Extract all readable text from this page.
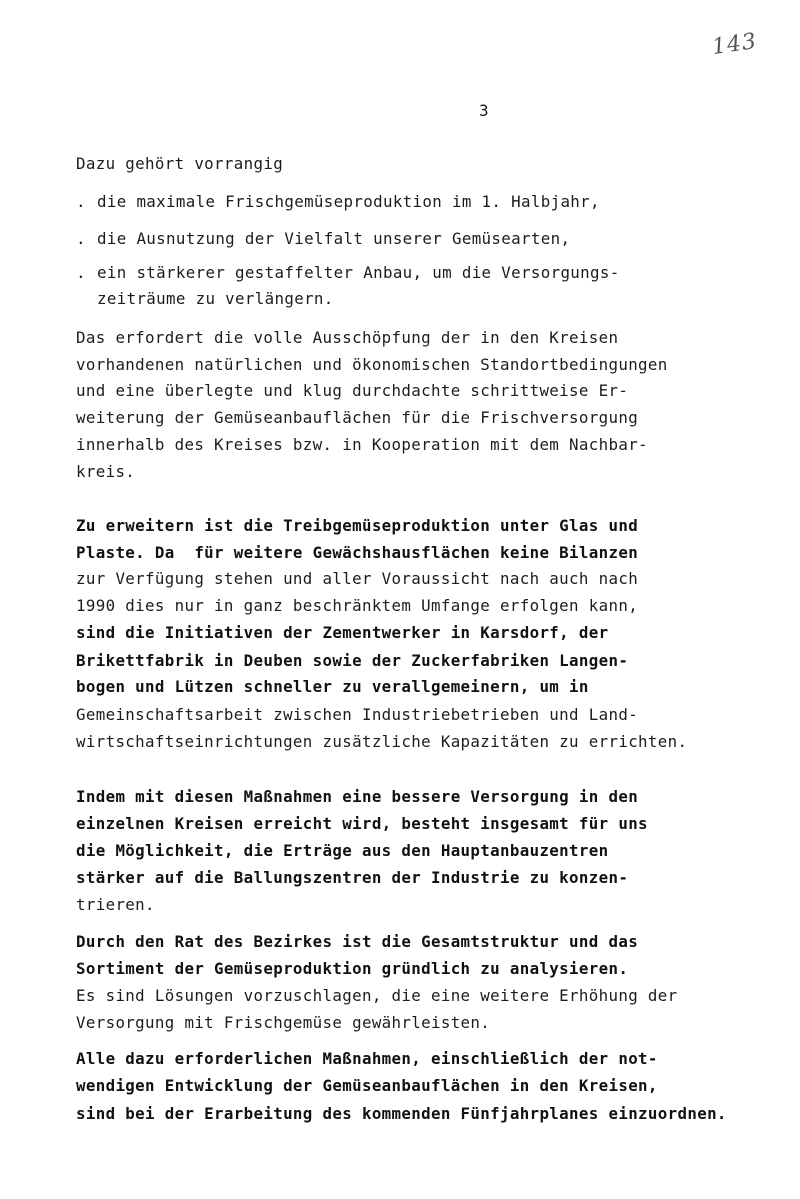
143
3
Dazu gehört vorrangig
. die maximale Frischgemüseproduktion im 1. Halbjahr,
. die Ausnutzung der Vielfalt unserer Gemüsearten,
. ein stärkerer gestaffelter Anbau, um die Versorgungs-
zeiträume zu verlängern.
Das erfordert die volle Ausschöpfung der in den Kreisen
vorhandenen natürlichen und ökonomischen Standortbedingungen
und eine überlegte und klug durchdachte schrittweise Er-
weiterung der Gemüseanbauflächen für die Frischversorgung
innerhalb des Kreises bzw. in Kooperation mit dem Nachbar-
kreis.
Zu erweitern ist die Treibgemüseproduktion unter Glas und
Plaste. Da  für weitere Gewächshausflächen keine Bilanzen
zur Verfügung stehen und aller Voraussicht nach auch nach
1990 dies nur in ganz beschränktem Umfange erfolgen kann,
sind die Initiativen der Zementwerker in Karsdorf, der
Brikettfabrik in Deuben sowie der Zuckerfabriken Langen-
bogen und Lützen schneller zu verallgemeinern, um in
Gemeinschaftsarbeit zwischen Industriebetrieben und Land-
wirtschaftseinrichtungen zusätzliche Kapazitäten zu errichten.
Indem mit diesen Maßnahmen eine bessere Versorgung in den
einzelnen Kreisen erreicht wird, besteht insgesamt für uns
die Möglichkeit, die Erträge aus den Hauptanbauzentren
stärker auf die Ballungszentren der Industrie zu konzen-
trieren.
Durch den Rat des Bezirkes ist die Gesamtstruktur und das
Sortiment der Gemüseproduktion gründlich zu analysieren.
Es sind Lösungen vorzuschlagen, die eine weitere Erhöhung der
Versorgung mit Frischgemüse gewährleisten.
Alle dazu erforderlichen Maßnahmen, einschließlich der not-
wendigen Entwicklung der Gemüseanbauflächen in den Kreisen,
sind bei der Erarbeitung des kommenden Fünfjahrplanes einzuordnen.
